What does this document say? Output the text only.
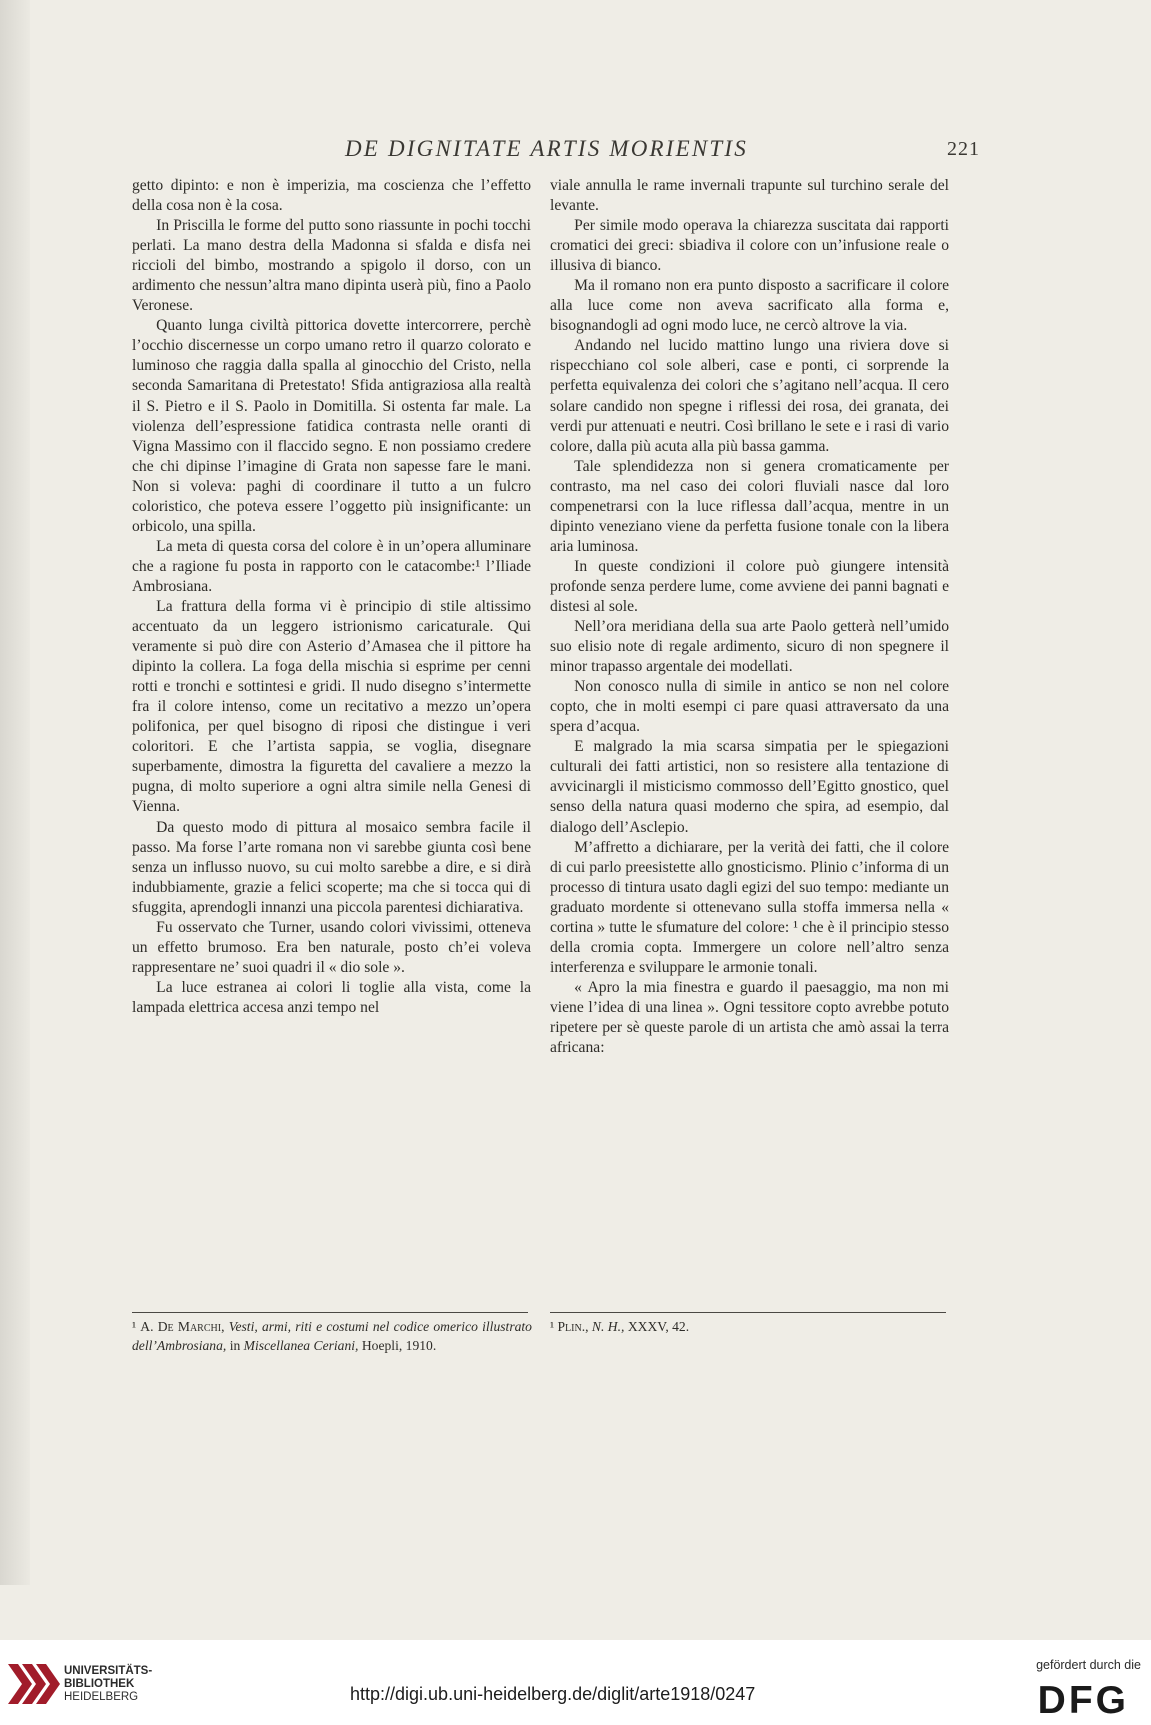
DE DIGNITATE ARTIS MORIENTIS	221

getto dipinto: e non è imperizia, ma coscienza che l’effetto della cosa non è la cosa.

In Priscilla le forme del putto sono riassunte in pochi tocchi perlati. La mano destra della Madonna si sfalda e disfa nei riccioli del bimbo, mostrando a spigolo il dorso, con un ardimento che nessun’altra mano dipinta userà più, fino a Paolo Veronese.

Quanto lunga civiltà pittorica dovette intercorrere, perchè l’occhio discernesse un corpo umano retro il quarzo colorato e luminoso che raggia dalla spalla al ginocchio del Cristo, nella seconda Samaritana di Pretestato! Sfida antigraziosa alla realtà il S. Pietro e il S. Paolo in Domitilla. Si ostenta far male. La violenza dell’espressione fatidica contrasta nelle oranti di Vigna Massimo con il flaccido segno. E non possiamo credere che chi dipinse l’imagine di Grata non sapesse fare le mani. Non si voleva: paghi di coordinare il tutto a un fulcro coloristico, che poteva essere l’oggetto più insignificante: un orbicolo, una spilla.

La meta di questa corsa del colore è in un’opera alluminare che a ragione fu posta in rapporto con le catacombe:¹ l’Iliade Ambrosiana.

La frattura della forma vi è principio di stile altissimo accentuato da un leggero istrionismo caricaturale. Qui veramente si può dire con Asterio d’Amasea che il pittore ha dipinto la collera. La foga della mischia si esprime per cenni rotti e tronchi e sottintesi e gridi. Il nudo disegno s’intermette fra il colore intenso, come un recitativo a mezzo un’opera polifonica, per quel bisogno di riposi che distingue i veri coloritori. E che l’artista sappia, se voglia, disegnare superbamente, dimostra la figuretta del cavaliere a mezzo la pugna, di molto superiore a ogni altra simile nella Genesi di Vienna.

Da questo modo di pittura al mosaico sembra facile il passo. Ma forse l’arte romana non vi sarebbe giunta così bene senza un influsso nuovo, su cui molto sarebbe a dire, e si dirà indubbiamente, grazie a felici scoperte; ma che si tocca qui di sfuggita, aprendogli innanzi una piccola parentesi dichiarativa.

Fu osservato che Turner, usando colori vivissimi, otteneva un effetto brumoso. Era ben naturale, posto ch’ei voleva rappresentare ne’ suoi quadri il « dio sole ».

La luce estranea ai colori li toglie alla vista, come la lampada elettrica accesa anzi tempo nel

viale annulla le rame invernali trapunte sul turchino serale del levante.

Per simile modo operava la chiarezza suscitata dai rapporti cromatici dei greci: sbiadiva il colore con un’infusione reale o illusiva di bianco.

Ma il romano non era punto disposto a sacrificare il colore alla luce come non aveva sacrificato alla forma e, bisognandogli ad ogni modo luce, ne cercò altrove la via.

Andando nel lucido mattino lungo una riviera dove si rispecchiano col sole alberi, case e ponti, ci sorprende la perfetta equivalenza dei colori che s’agitano nell’acqua. Il cero solare candido non spegne i riflessi dei rosa, dei granata, dei verdi pur attenuati e neutri. Così brillano le sete e i rasi di vario colore, dalla più acuta alla più bassa gamma.

Tale splendidezza non si genera cromaticamente per contrasto, ma nel caso dei colori fluviali nasce dal loro compenetrarsi con la luce riflessa dall’acqua, mentre in un dipinto veneziano viene da perfetta fusione tonale con la libera aria luminosa.

In queste condizioni il colore può giungere intensità profonde senza perdere lume, come avviene dei panni bagnati e distesi al sole.

Nell’ora meridiana della sua arte Paolo getterà nell’umido suo elisio note di regale ardimento, sicuro di non spegnere il minor trapasso argentale dei modellati.

Non conosco nulla di simile in antico se non nel colore copto, che in molti esempi ci pare quasi attraversato da una spera d’acqua.

E malgrado la mia scarsa simpatia per le spiegazioni culturali dei fatti artistici, non so resistere alla tentazione di avvicinargli il misticismo commosso dell’Egitto gnostico, quel senso della natura quasi moderno che spira, ad esempio, dal dialogo dell’Asclepio.

M’affretto a dichiarare, per la verità dei fatti, che il colore di cui parlo preesistette allo gnosticismo. Plinio c’informa di un processo di tintura usato dagli egizi del suo tempo: mediante un graduato mordente si ottenevano sulla stoffa immersa nella « cortina » tutte le sfumature del colore: ¹ che è il principio stesso della cromia copta. Immergere un colore nell’altro senza interferenza e sviluppare le armonie tonali.

« Apro la mia finestra e guardo il paesaggio, ma non mi viene l’idea di una linea ». Ogni tessitore copto avrebbe potuto ripetere per sè queste parole di un artista che amò assai la terra africana:

¹ A. De Marchi, Vesti, armi, riti e costumi nel codice omerico illustrato dell’Ambrosiana, in Miscellanea Ceriani, Hoepli, 1910.
¹ Plin., N. H., XXXV, 42.
UNIVERSITÄTS-
BIBLIOTHEK
HEIDELBERG	http://digi.ub.uni-heidelberg.de/diglit/arte1918/0247
gefördert durch die
DFG
